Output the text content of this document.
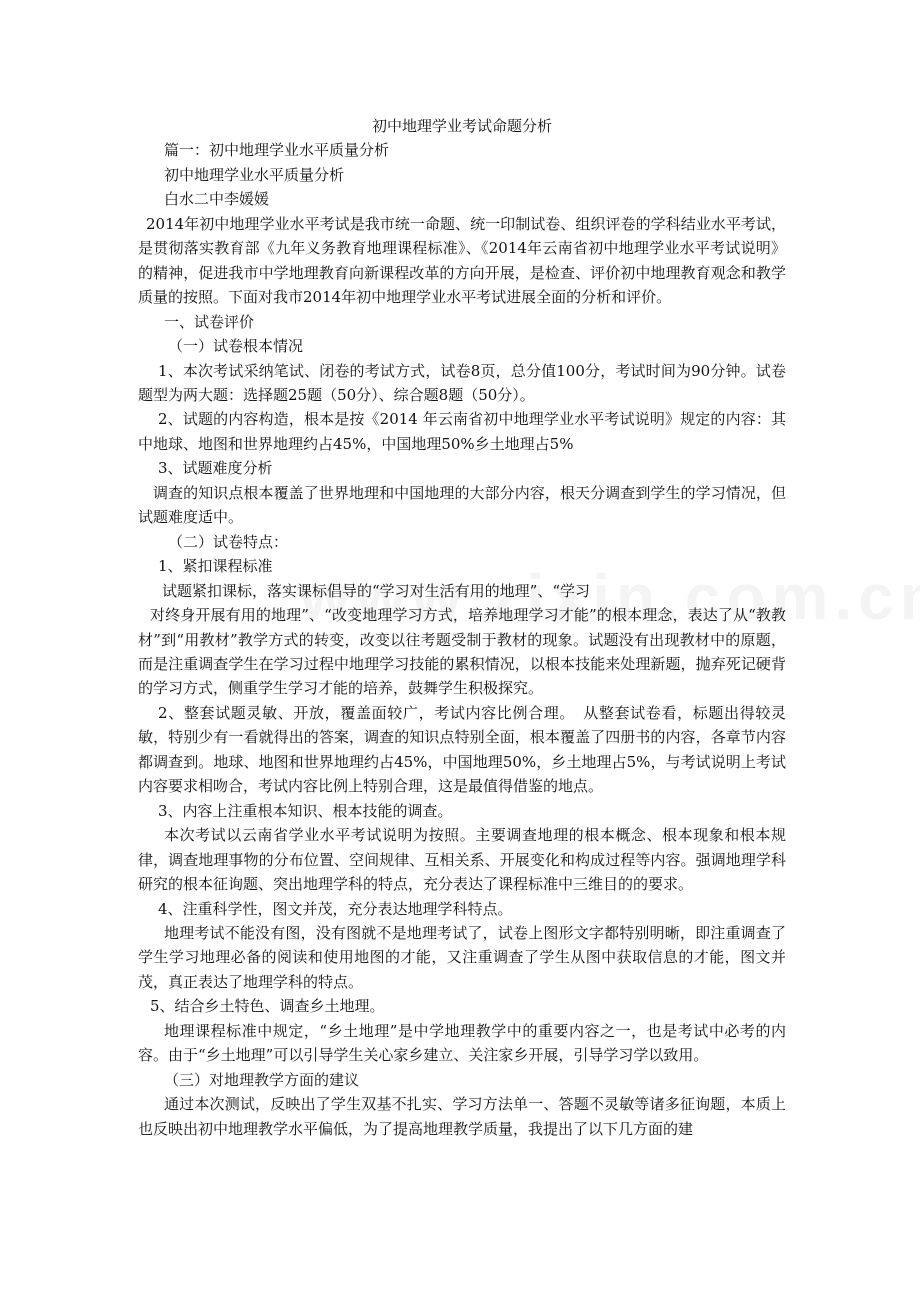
初中地理学业考试命题分析

篇一：初中地理学业水平质量分析

初中地理学业水平质量分析

白水二中李媛媛

2014年初中地理学业水平考试是我市统一命题、统一印制试卷、组织评卷的学科结业水平考试，是贯彻落实教育部《九年义务教育地理课程标准》、《2014年云南省初中地理学业水平考试说明》的精神，促进我市中学地理教育向新课程改革的方向开展，是检查、评价初中地理教育观念和教学质量的按照。下面对我市2014年初中地理学业水平考试进展全面的分析和评价。

一、试卷评价

（一）试卷根本情况

1、本次考试采纳笔试、闭卷的考试方式，试卷8页，总分值100分，考试时间为90分钟。试卷题型为两大题：选择题25题（50分）、综合题8题（50分）。

2、试题的内容构造，根本是按《2014 年云南省初中地理学业水平考试说明》规定的内容：其中地球、地图和世界地理约占45%，中国地理50%乡土地理占5%

3、试题难度分析

调查的知识点根本覆盖了世界地理和中国地理的大部分内容，根天分调查到学生的学习情况，但试题难度适中。

（二）试卷特点：

1、紧扣课程标准

试题紧扣课标，落实课标倡导的“学习对生活有用的地理”、“学习

对终身开展有用的地理”、“改变地理学习方式，培养地理学习才能”的根本理念，表达了从“教教材”到“用教材”教学方式的转变，改变以往考题受制于教材的现象。试题没有出现教材中的原题，而是注重调查学生在学习过程中地理学习技能的累积情况，以根本技能来处理新题，抛弃死记硬背的学习方式，侧重学生学习才能的培养，鼓舞学生积极探究。

2、整套试题灵敏、开放，覆盖面较广，考试内容比例合理。　从整套试卷看，标题出得较灵敏，特别少有一看就得出的答案，调查的知识点特别全面，根本覆盖了四册书的内容，各章节内容都调查到。地球、地图和世界地理约占45%，中国地理50%，乡土地理占5%，与考试说明上考试内容要求相吻合，考试内容比例上特别合理，这是最值得借鉴的地点。

3、内容上注重根本知识、根本技能的调查。

本次考试以云南省学业水平考试说明为按照。主要调查地理的根本概念、根本现象和根本规律，调查地理事物的分布位置、空间规律、互相关系、开展变化和构成过程等内容。强调地理学科研究的根本征询题、突出地理学科的特点，充分表达了课程标准中三维目的的要求。

4、注重科学性，图文并茂，充分表达地理学科特点。

地理考试不能没有图，没有图就不是地理考试了，试卷上图形文字都特别明晰，即注重调查了学生学习地理必备的阅读和使用地图的才能，又注重调查了学生从图中获取信息的才能，图文并茂，真正表达了地理学科的特点。

5、结合乡土特色、调查乡土地理。

地理课程标准中规定，“乡土地理”是中学地理教学中的重要内容之一，也是考试中必考的内容。由于“乡土地理”可以引导学生关心家乡建立、关注家乡开展，引导学习学以致用。

（三）对地理教学方面的建议

通过本次测试，反映出了学生双基不扎实、学习方法单一、答题不灵敏等诸多征询题，本质上也反映出初中地理教学水平偏低，为了提高地理教学质量，我提出了以下几方面的建
